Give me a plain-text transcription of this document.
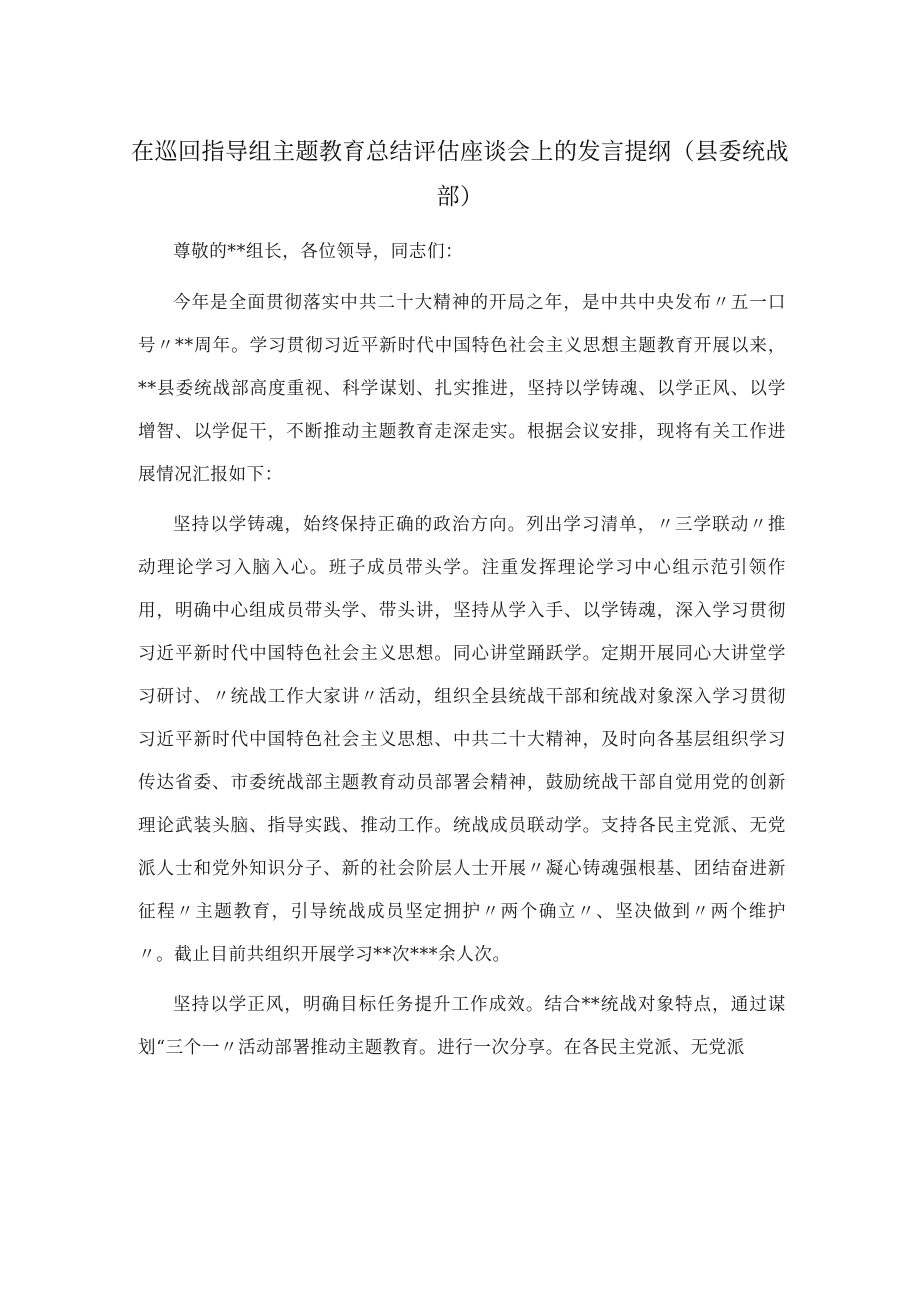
在巡回指导组主题教育总结评估座谈会上的发言提纲（县委统战部）

尊敬的**组长，各位领导，同志们：

今年是全面贯彻落实中共二十大精神的开局之年，是中共中央发布〃五一口号〃**周年。学习贯彻习近平新时代中国特色社会主义思想主题教育开展以来，**县委统战部高度重视、科学谋划、扎实推进，坚持以学铸魂、以学正风、以学增智、以学促干，不断推动主题教育走深走实。根据会议安排，现将有关工作进展情况汇报如下：

坚持以学铸魂，始终保持正确的政治方向。列出学习清单，〃三学联动〃推动理论学习入脑入心。班子成员带头学。注重发挥理论学习中心组示范引领作用，明确中心组成员带头学、带头讲，坚持从学入手、以学铸魂，深入学习贯彻习近平新时代中国特色社会主义思想。同心讲堂踊跃学。定期开展同心大讲堂学习研讨、〃统战工作大家讲〃活动，组织全县统战干部和统战对象深入学习贯彻习近平新时代中国特色社会主义思想、中共二十大精神，及时向各基层组织学习传达省委、市委统战部主题教育动员部署会精神，鼓励统战干部自觉用党的创新理论武装头脑、指导实践、推动工作。统战成员联动学。支持各民主党派、无党派人士和党外知识分子、新的社会阶层人士开展〃凝心铸魂强根基、团结奋进新征程〃主题教育，引导统战成员坚定拥护〃两个确立〃、坚决做到〃两个维护〃。截止目前共组织开展学习**次***余人次。

坚持以学正风，明确目标任务提升工作成效。结合**统战对象特点，通过谋划“三个一〃活动部署推动主题教育。进行一次分享。在各民主党派、无党派
